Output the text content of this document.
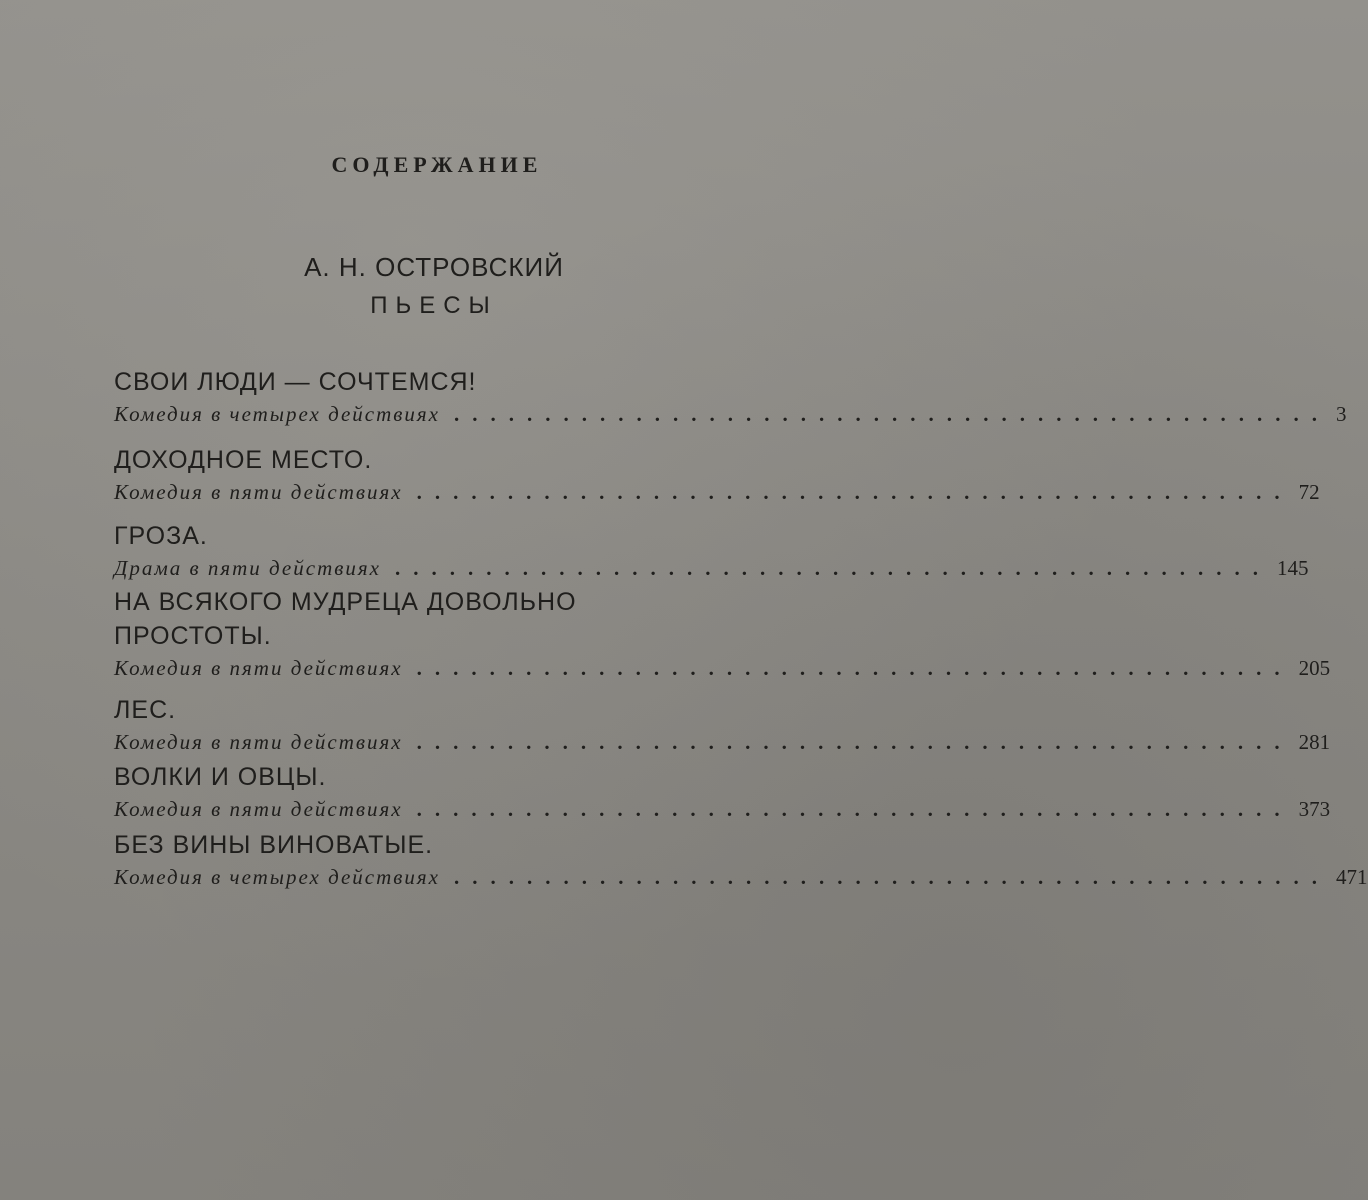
СОДЕРЖАНИЕ
А. Н. ОСТРОВСКИЙ
ПЬЕСЫ
СВОИ ЛЮДИ — СОЧТЕМСЯ!
Комедия в четырех действиях ................................................ 3
ДОХОДНОЕ МЕСТО.
Комедия в пяти действиях ................................................ 72
ГРОЗА.
Драма в пяти действиях ................................................ 145
НА ВСЯКОГО МУДРЕЦА ДОВОЛЬНО
ПРОСТОТЫ.
Комедия в пяти действиях ................................................ 205
ЛЕС.
Комедия в пяти действиях ................................................ 281
ВОЛКИ И ОВЦЫ.
Комедия в пяти действиях ................................................ 373
БЕЗ ВИНЫ ВИНОВАТЫЕ.
Комедия в четырех действиях ................................................ 471
